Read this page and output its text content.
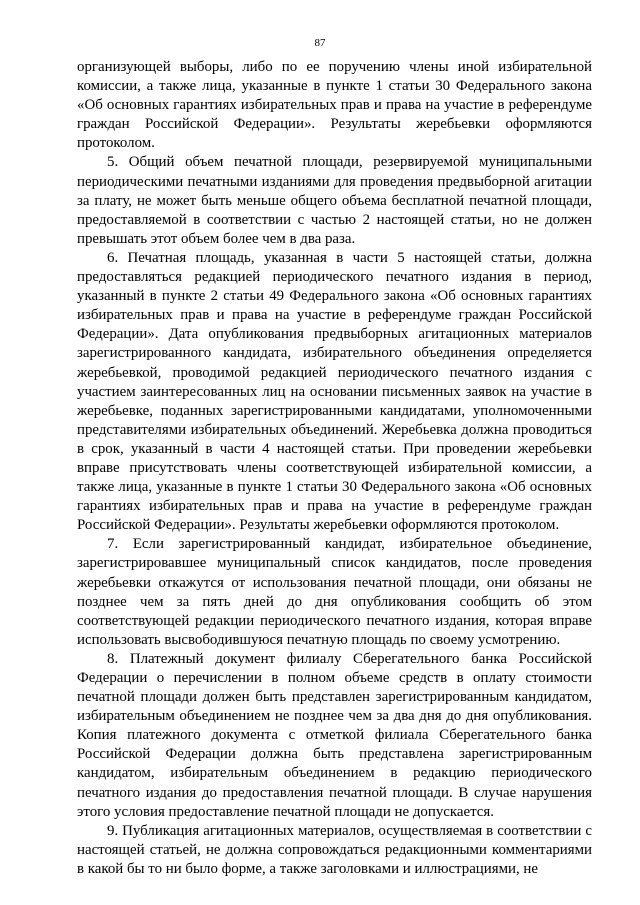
87

организующей выборы, либо по ее поручению члены иной избирательной комиссии, а также лица, указанные в пункте 1 статьи 30 Федерального закона «Об основных гарантиях избирательных прав и права на участие в референдуме граждан Российской Федерации». Результаты жеребьевки оформляются протоколом.

5. Общий объем печатной площади, резервируемой муниципальными периодическими печатными изданиями для проведения предвыборной агитации за плату, не может быть меньше общего объема бесплатной печатной площади, предоставляемой в соответствии с частью 2 настоящей статьи, но не должен превышать этот объем более чем в два раза.

6. Печатная площадь, указанная в части 5 настоящей статьи, должна предоставляться редакцией периодического печатного издания в период, указанный в пункте 2 статьи 49 Федерального закона «Об основных гарантиях избирательных прав и права на участие в референдуме граждан Российской Федерации». Дата опубликования предвыборных агитационных материалов зарегистрированного кандидата, избирательного объединения определяется жеребьевкой, проводимой редакцией периодического печатного издания с участием заинтересованных лиц на основании письменных заявок на участие в жеребьевке, поданных зарегистрированными кандидатами, уполномоченными представителями избирательных объединений. Жеребьевка должна проводиться в срок, указанный в части 4 настоящей статьи. При проведении жеребьевки вправе присутствовать члены соответствующей избирательной комиссии, а также лица, указанные в пункте 1 статьи 30 Федерального закона «Об основных гарантиях избирательных прав и права на участие в референдуме граждан Российской Федерации». Результаты жеребьевки оформляются протоколом.

7. Если зарегистрированный кандидат, избирательное объединение, зарегистрировавшее муниципальный список кандидатов, после проведения жеребьевки откажутся от использования печатной площади, они обязаны не позднее чем за пять дней до дня опубликования сообщить об этом соответствующей редакции периодического печатного издания, которая вправе использовать высвободившуюся печатную площадь по своему усмотрению.

8. Платежный документ филиалу Сберегательного банка Российской Федерации о перечислении в полном объеме средств в оплату стоимости печатной площади должен быть представлен зарегистрированным кандидатом, избирательным объединением не позднее чем за два дня до дня опубликования. Копия платежного документа с отметкой филиала Сберегательного банка Российской Федерации должна быть представлена зарегистрированным кандидатом, избирательным объединением в редакцию периодического печатного издания до предоставления печатной площади. В случае нарушения этого условия предоставление печатной площади не допускается.

9. Публикация агитационных материалов, осуществляемая в соответствии с настоящей статьей, не должна сопровождаться редакционными комментариями в какой бы то ни было форме, а также заголовками и иллюстрациями, не
